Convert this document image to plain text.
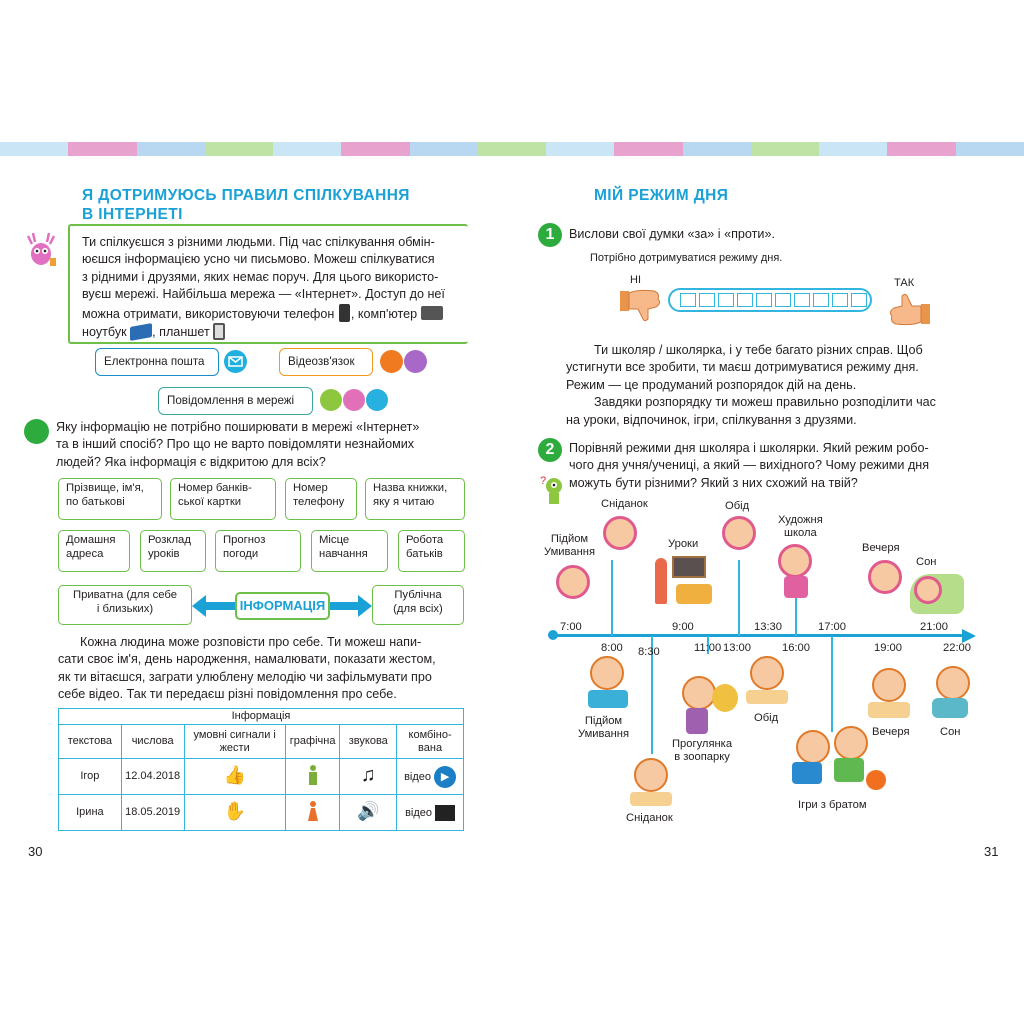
Я ДОТРИМУЮСЬ ПРАВИЛ СПІЛКУВАННЯ
В ІНТЕРНЕТІ
Ти спілкуєшся з різними людьми. Під час спілкування обмін-
юєшся інформацією усно чи письмово. Можеш спілкуватися
з рідними і друзями, яких немає поруч. Для цього використо-
вуєш мережі. Найбільша мережа — «Інтернет». Доступ до неї
можна отримати, використовуючи телефон , комп'ютер
ноутбук , планшет
Електронна пошта	Відеозв'язок
Повідомлення в мережі
Яку інформацію не потрібно поширювати в мережі «Інтернет»
та в інший спосіб? Про що не варто повідомляти незнайомих
людей? Яка інформація є відкритою для всіх?
Прізвище, ім'я,
по батькові
Номер банків-
ської картки
Номер
телефону
Назва книжки,
яку я читаю
Домашня
адреса
Розклад
уроків
Прогноз
погоди
Місце
навчання
Робота
батьків
Приватна (для себе
і близьких)	ІНФОРМАЦІЯ
Публічна
(для всіх)
Кожна людина може розповісти про себе. Ти можеш напи-
сати своє ім'я, день народження, намалювати, показати жестом,
як ти вітаєшся, заграти улюблену мелодію чи зафільмувати про
себе відео. Так ти передаєш різні повідомлення про себе.
Інформація					
текстова	числова	умовні сигнали і жести	графічна	звукова	комбіно-вана
Ігор	12.04.2018	👍		♫	відео ▶
Ірина	18.05.2019	✋		🔊	відео
30
МІЙ РЕЖИМ ДНЯ
1	Вислови свої думки «за» і «проти».
Потрібно дотримуватися режиму дня.
НІ	ТАК
Ти школяр / школярка, і у тебе багато різних справ. Щоб
устигнути все зробити, ти маєш дотримуватися режиму дня.
Режим — це продуманий розпорядок дій на день.
Завдяки розпорядку ти можеш правильно розподілити час
на уроки, відпочинок, ігри, спілкування з друзями.
2	Порівняй режими дня школяра і школярки. Який режим робо-
чого дня учня/учениці, а який — вихідного? Чому режими дня
можуть бути різними? Який з них схожий на твій?
?
7:00	9:00	13:30	17:00	21:00
8:00 8:30	11:00 13:00	16:00	19:00	22:00
Підйом
Умивання
Сніданок
Уроки
Обід
Художня
школа
Вечеря
Сон
Підйом
Умивання
Прогулянка
в зоопарку
Обід
Вечеря	Сон
Ігри з братом
Сніданок
31
